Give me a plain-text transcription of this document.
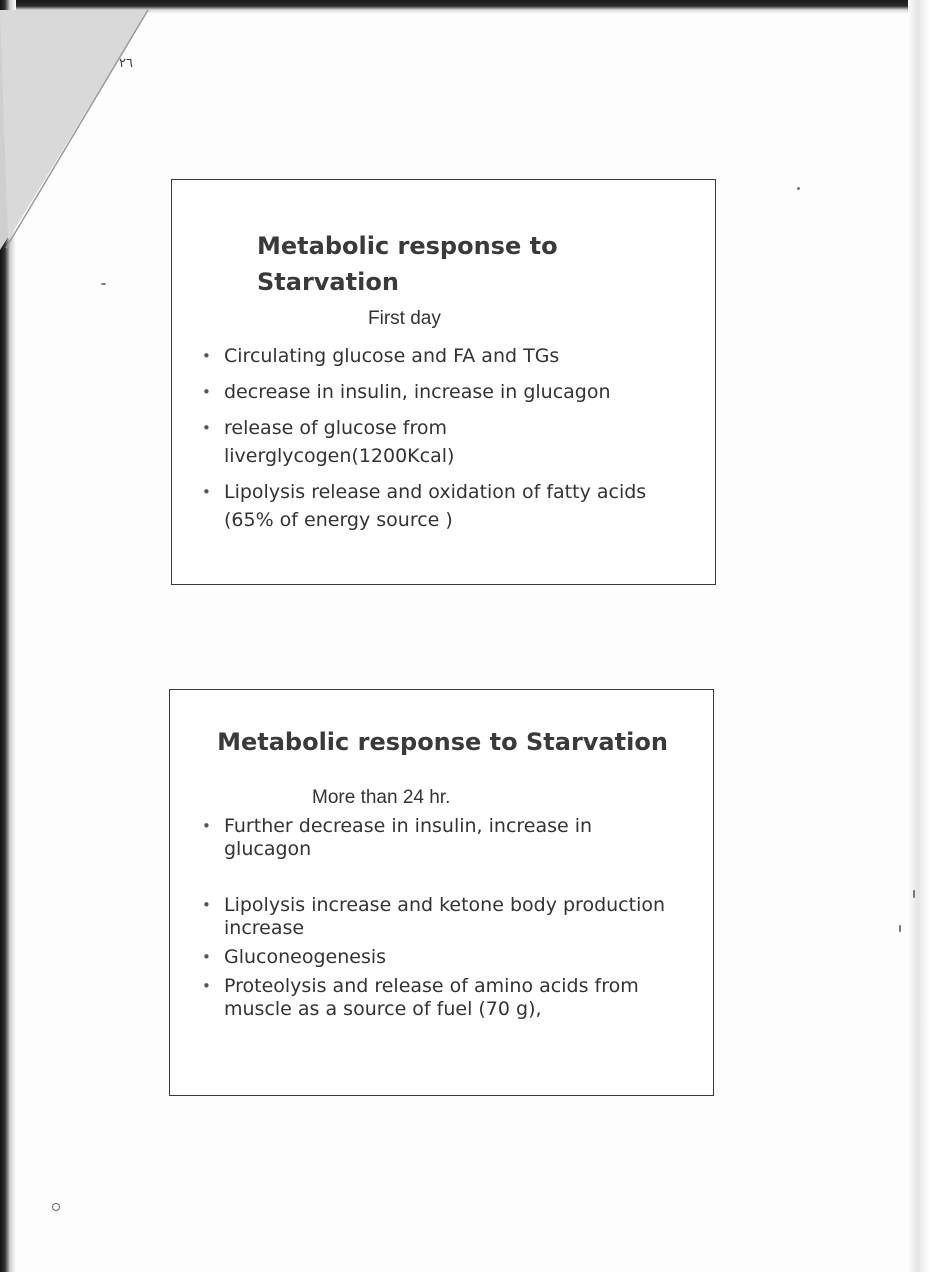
٢٦
Metabolic response to Starvation
First day
• Circulating glucose and FA and TGs
• decrease in insulin, increase in glucagon
• release of glucose from liverglycogen(1200Kcal)
• Lipolysis release and oxidation of fatty acids (65% of energy source )
Metabolic response to Starvation
More than 24 hr.
• Further decrease in insulin, increase in glucagon
• Lipolysis increase and ketone body production increase
• Gluconeogenesis
• Proteolysis and release of amino acids from muscle as a source of fuel (70 g),
